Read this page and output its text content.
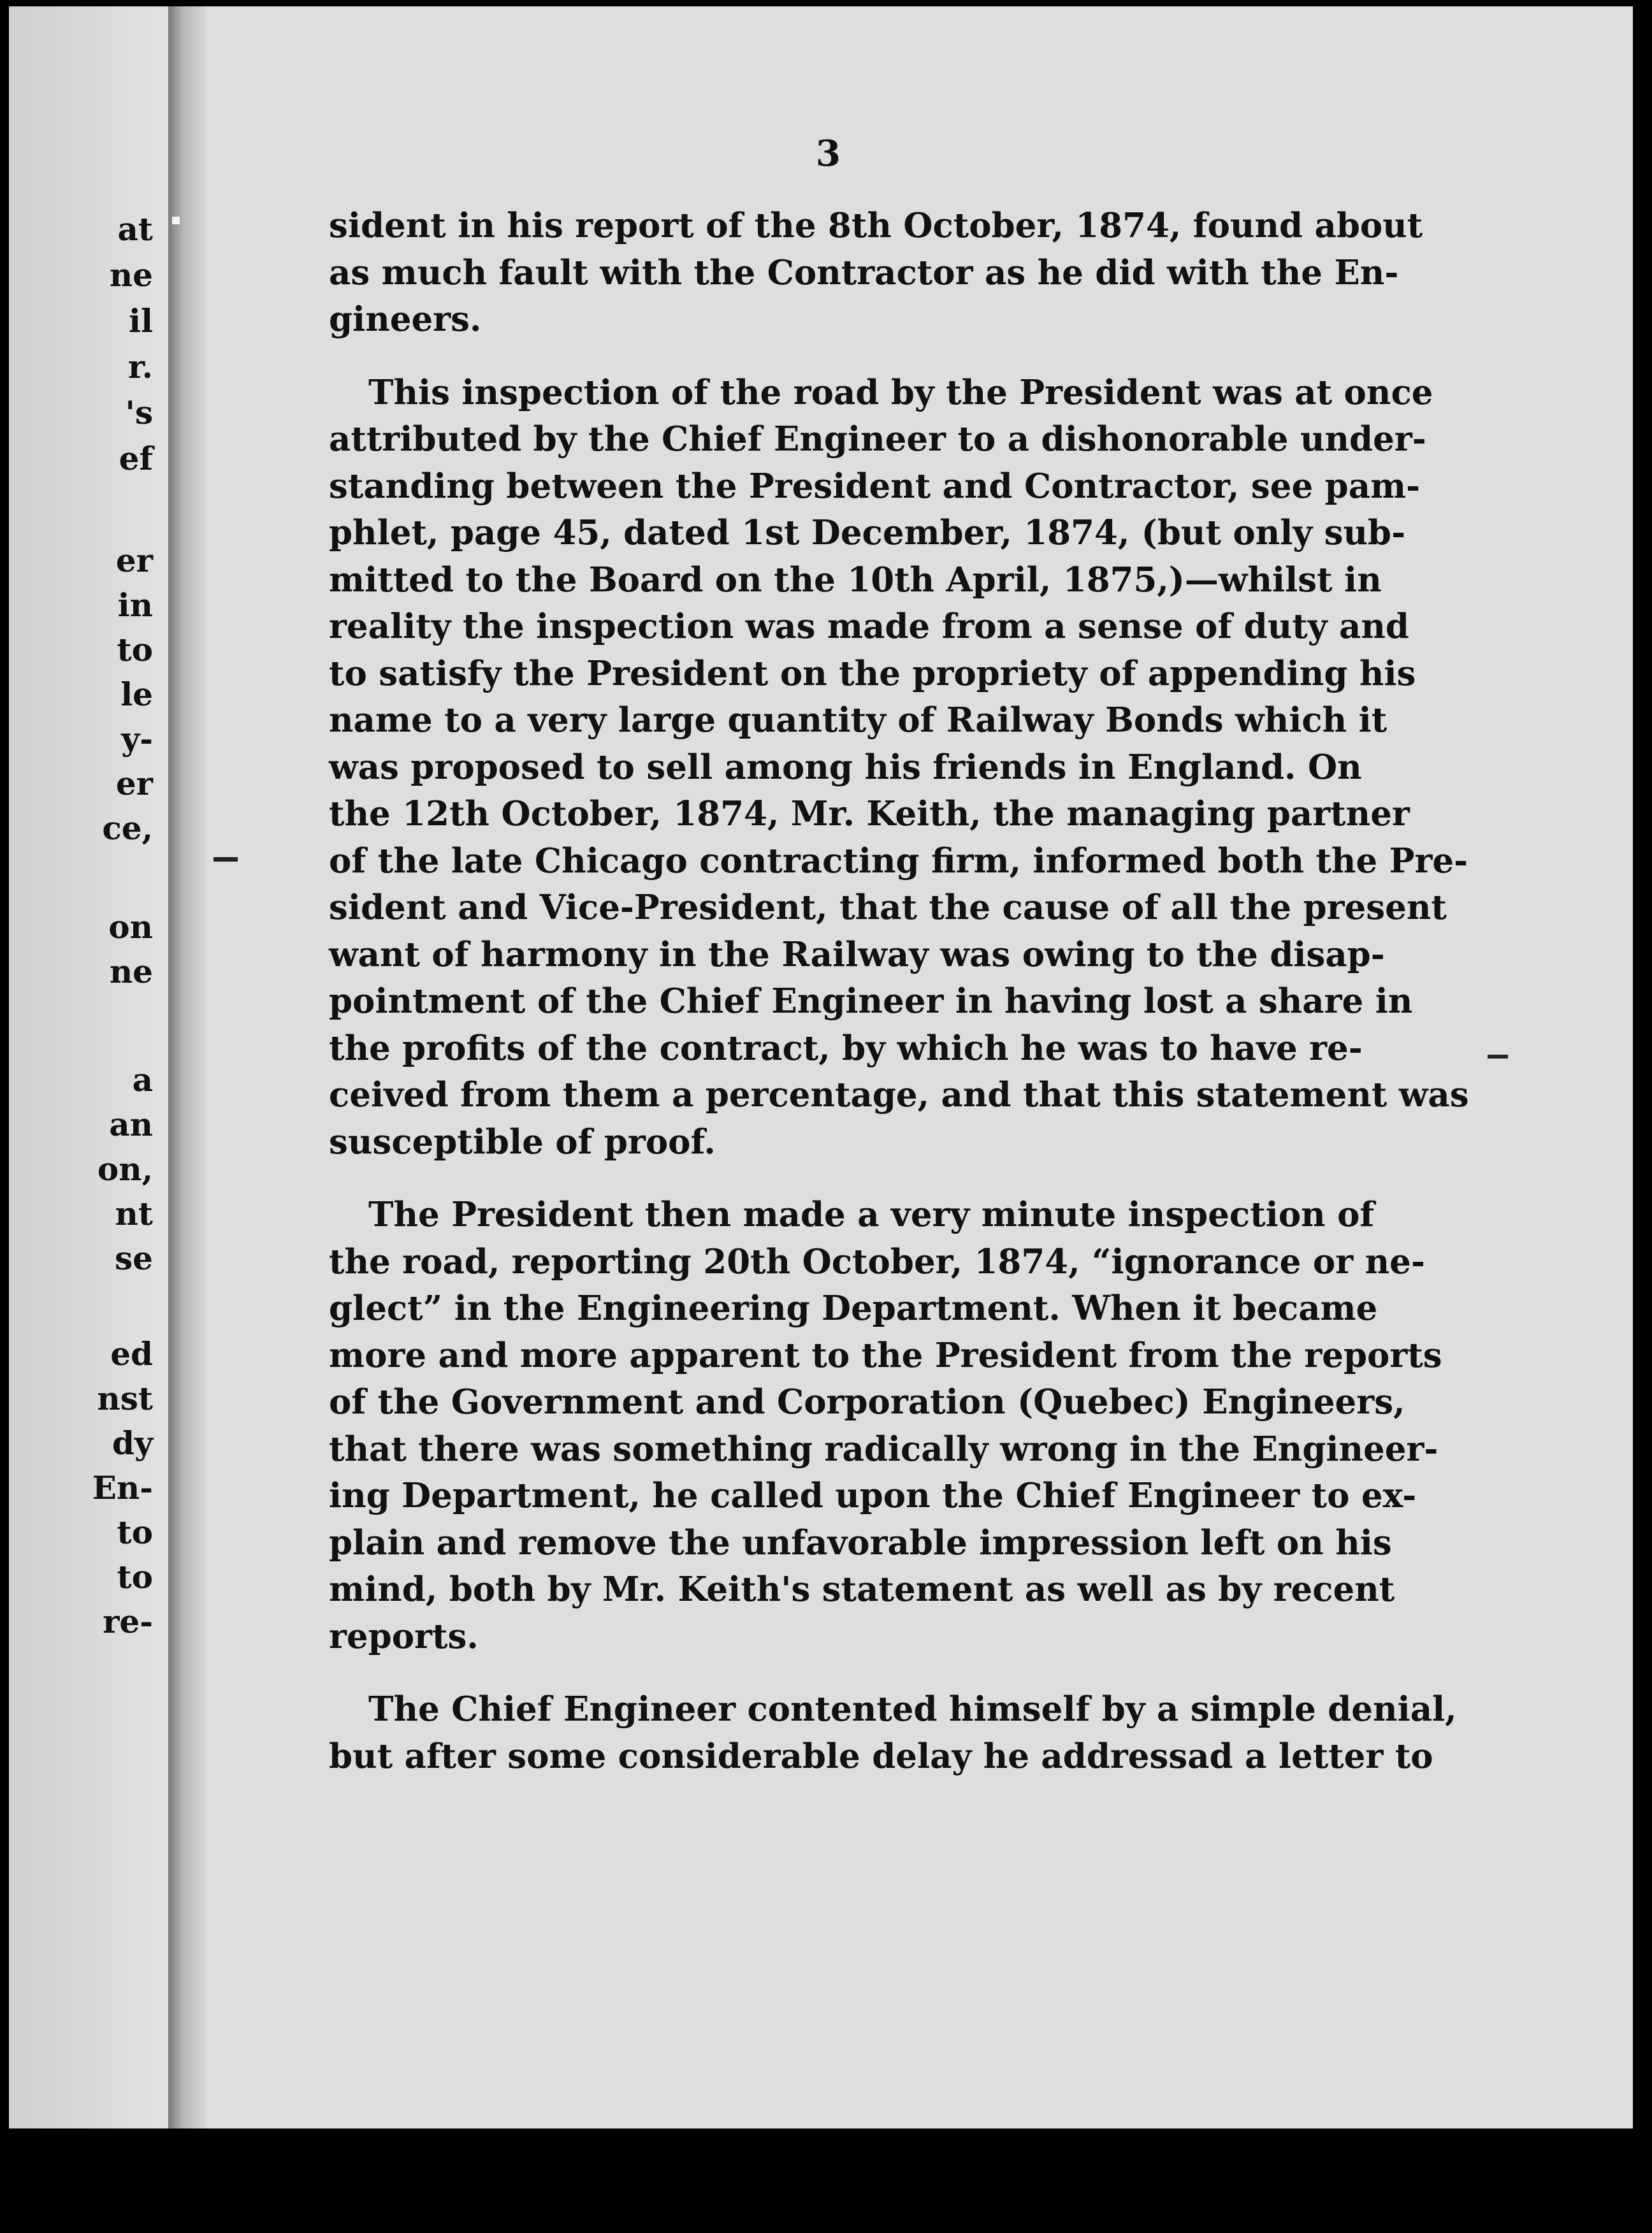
at
ne
il
r.
's
ef
er
in
to
le
y-
er
ce,
on
ne
a
an
on,
nt
se
ed
nst
dy
En-
to
to
re-
3
sident in his report of the 8th October, 1874, found about
as much fault with the Contractor as he did with the En-
gineers.
This inspection of the road by the President was at once
attributed by the Chief Engineer to a dishonorable under-
standing between the President and Contractor, see pam-
phlet, page 45, dated 1st December, 1874, (but only sub-
mitted to the Board on the 10th April, 1875,)—whilst in
reality the inspection was made from a sense of duty and
to satisfy the President on the propriety of appending his
name to a very large quantity of Railway Bonds which it
was proposed to sell among his friends in England. On
the 12th October, 1874, Mr. Keith, the managing partner
of the late Chicago contracting firm, informed both the Pre-
sident and Vice-President, that the cause of all the present
want of harmony in the Railway was owing to the disap-
pointment of the Chief Engineer in having lost a share in
the profits of the contract, by which he was to have re-
ceived from them a percentage, and that this statement was
susceptible of proof.
The President then made a very minute inspection of
the road, reporting 20th October, 1874, “ignorance or ne-
glect” in the Engineering Department. When it became
more and more apparent to the President from the reports
of the Government and Corporation (Quebec) Engineers,
that there was something radically wrong in the Engineer-
ing Department, he called upon the Chief Engineer to ex-
plain and remove the unfavorable impression left on his
mind, both by Mr. Keith's statement as well as by recent
reports.
The Chief Engineer contented himself by a simple denial,
but after some considerable delay he addressad a letter to
